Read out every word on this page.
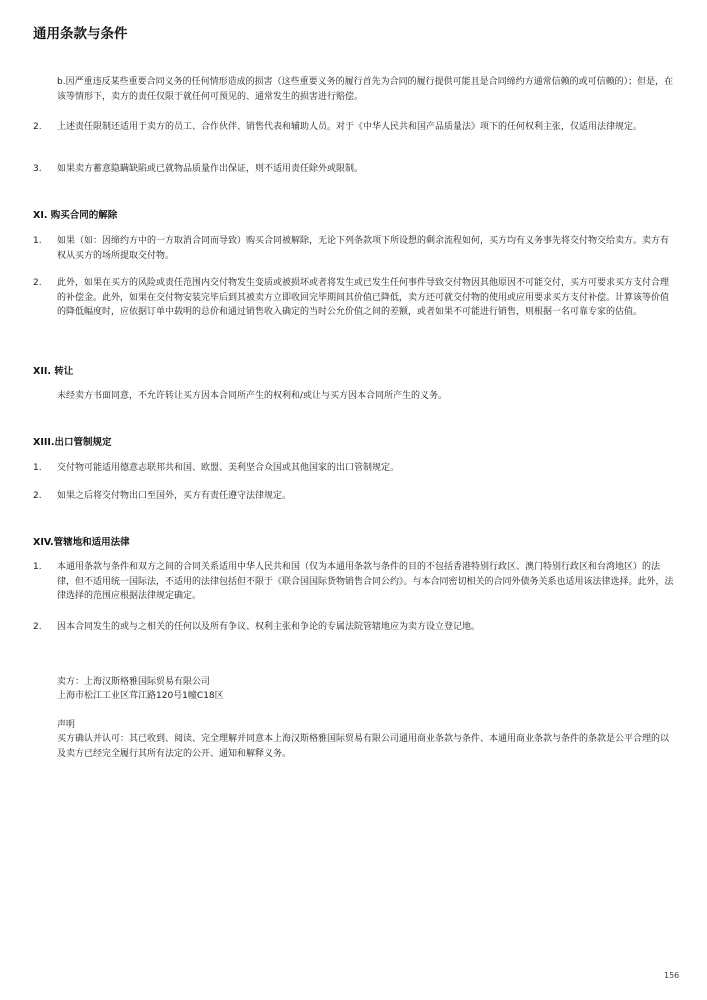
通用条款与条件
b.因严重违反某些重要合同义务的任何情形造成的损害（这些重要义务的履行首先为合同的履行提供可能且是合同缔约方通常信赖的或可信赖的）；但是，在该等情形下，卖方的责任仅限于就任何可预见的、通常发生的损害进行赔偿。
2. 上述责任限制还适用于卖方的员工、合作伙伴、销售代表和辅助人员。对于《中华人民共和国产品质量法》项下的任何权利主张，仅适用法律规定。
3. 如果卖方蓄意隐瞒缺陷或已就物品质量作出保证，则不适用责任除外或限制。
XI. 购买合同的解除
1. 如果（如：因缔约方中的一方取消合同而导致）购买合同被解除，无论下列条款项下所设想的剩余流程如何，买方均有义务事先将交付物交给卖方。卖方有权从买方的场所提取交付物。
2. 此外，如果在买方的风险或责任范围内交付物发生变质或被损坏或者将发生或已发生任何事件导致交付物因其他原因不可能交付，买方可要求买方支付合理的补偿金。此外，如果在交付物安装完毕后到其被卖方立即收回完毕期间其价值已降低，卖方还可就交付物的使用或应用要求买方支付补偿。计算该等价值的降低幅度时，应依据订单中载明的总价和通过销售收入确定的当时公允价值之间的差额，或者如果不可能进行销售，则根据一名可靠专家的估值。
XII. 转让
未经卖方书面同意，不允许转让买方因本合同所产生的权利和/或让与买方因本合同所产生的义务。
XIII.出口管制规定
1. 交付物可能适用德意志联邦共和国、欧盟、美利坚合众国或其他国家的出口管制规定。
2. 如果之后将交付物出口至国外，买方有责任遵守法律规定。
XIV.管辖地和适用法律
1. 本通用条款与条件和双方之间的合同关系适用中华人民共和国（仅为本通用条款与条件的目的不包括香港特别行政区、澳门特别行政区和台湾地区）的法律，但不适用统一国际法，不适用的法律包括但不限于《联合国国际货物销售合同公约》。与本合同密切相关的合同外债务关系也适用该法律选择。此外，法律选择的范围应根据法律规定确定。
2. 因本合同发生的或与之相关的任何以及所有争议、权利主张和争论的专属法院管辖地应为卖方设立登记地。
卖方：上海汉斯格雅国际贸易有限公司
上海市松江工业区茸江路120号1幢C18区
声明
买方确认并认可：其已收到、阅读、完全理解并同意本上海汉斯格雅国际贸易有限公司通用商业条款与条件、本通用商业条款与条件的条款是公平合理的以及卖方已经完全履行其所有法定的公开、通知和解释义务。
156
